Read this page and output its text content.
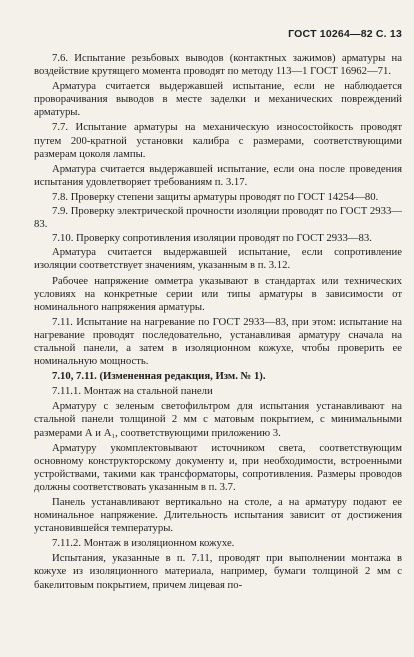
ГОСТ 10264—82 С. 13

7.6. Испытание резьбовых выводов (контактных зажимов) арматуры на воздействие крутящего момента проводят по методу 113—1 ГОСТ 16962—71.

Арматура считается выдержавшей испытание, если не наблюдается проворачивания выводов в месте заделки и механических повреждений арматуры.

7.7. Испытание арматуры на механическую износостойкость проводят путем 200-кратной установки калибра с размерами, соответствующими размерам цоколя лампы.

Арматура считается выдержавшей испытание, если она после проведения испытания удовлетворяет требованиям п. 3.17.

7.8. Проверку степени защиты арматуры проводят по ГОСТ 14254—80.

7.9. Проверку электрической прочности изоляции проводят по ГОСТ 2933—83.

7.10. Проверку сопротивления изоляции проводят по ГОСТ 2933—83.

Арматура считается выдержавшей испытание, если сопротивление изоляции соответствует значениям, указанным в п. 3.12.

Рабочее напряжение омметра указывают в стандартах или технических условиях на конкретные серии или типы арматуры в зависимости от номинального напряжения арматуры.

7.11. Испытание на нагревание по ГОСТ 2933—83, при этом: испытание на нагревание проводят последовательно, устанавливая арматуру сначала на стальной панели, а затем в изоляционном кожухе, чтобы проверить ее номинальную мощность.

7.10, 7.11. (Измененная редакция, Изм. № 1).

7.11.1. Монтаж на стальной панели

Арматуру с зеленым светофильтром для испытания устанавливают на стальной панели толщиной 2 мм с матовым покрытием, с минимальными размерами А и А₁, соответствующими приложению 3.

Арматуру укомплектовывают источником света, соответствующим основному конструкторскому документу и, при необходимости, встроенными устройствами, такими как трансформаторы, сопротивления. Размеры проводов должны соответствовать указанным в п. 3.7.

Панель устанавливают вертикально на столе, а на арматуру подают ее номинальное напряжение. Длительность испытания зависит от достижения установившейся температуры.

7.11.2. Монтаж в изоляционном кожухе.

Испытания, указанные в п. 7.11, проводят при выполнении монтажа в кожухе из изоляционного материала, например, бумаги толщиной 2 мм с бакелитовым покрытием, причем лицевая по-
